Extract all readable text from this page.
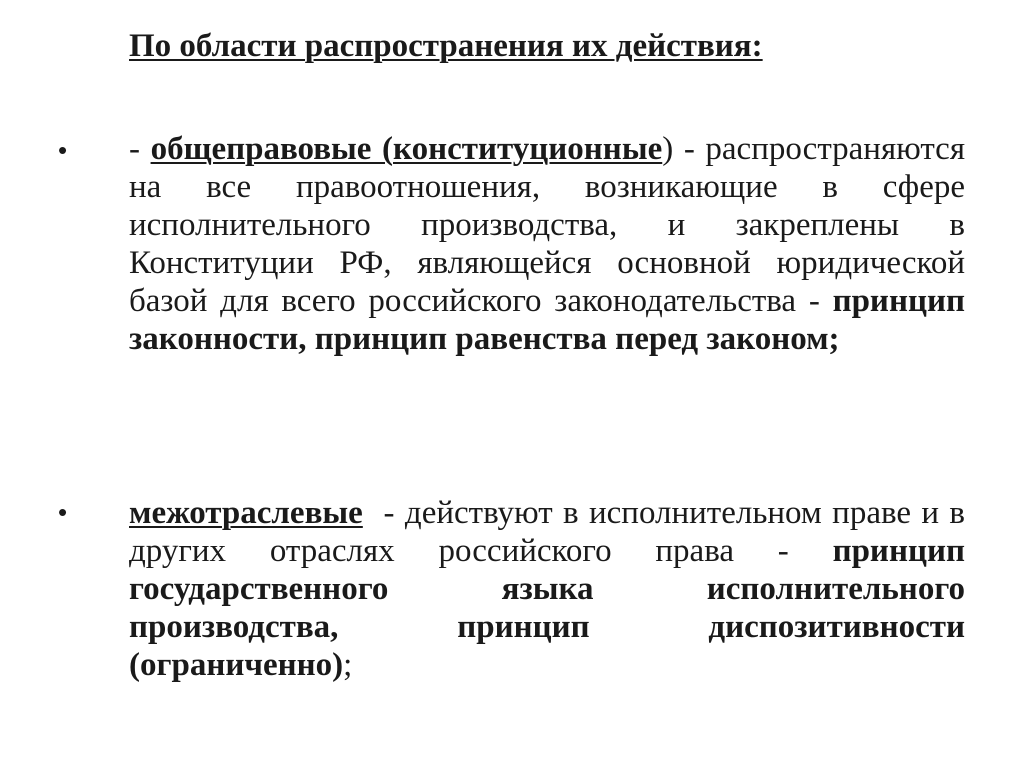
По области распространения их действия:
•	- общеправовые (конституционные) - распространяются на все правоотношения, возникающие в сфере исполнительного производства, и закреплены в Конституции РФ, являющейся основной юридической базой для всего российского законодательства - принцип законности, принцип равенства перед законом;

•	межотраслевые  - действуют в исполнительном праве и в других отраслях российского права - принцип государственного языка исполнительного производства, принцип диспозитивности (ограниченно);
